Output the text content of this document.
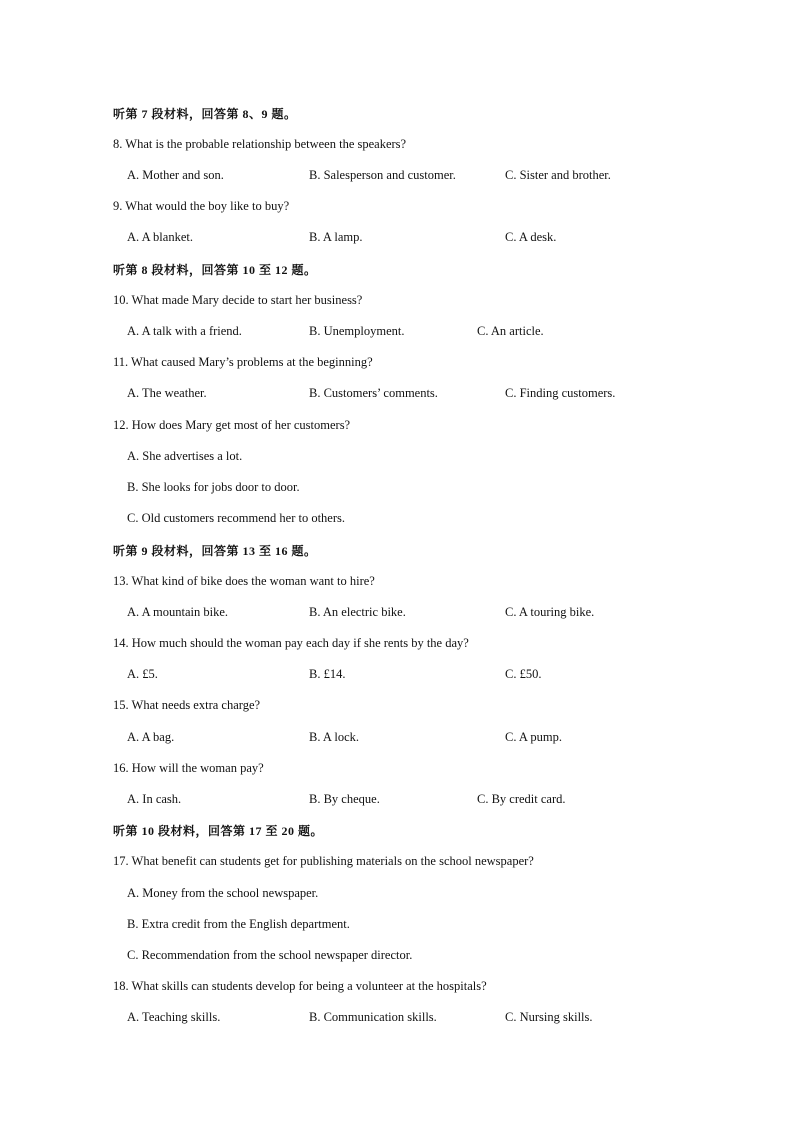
听第 7 段材料，回答第 8、9 题。
8. What is the probable relationship between the speakers?
A. Mother and son.	B. Salesperson and customer.	C. Sister and brother.
9. What would the boy like to buy?
A. A blanket.	B. A lamp.	C. A desk.
听第 8 段材料，回答第 10 至 12 题。
10. What made Mary decide to start her business?
A. A talk with a friend.	B. Unemployment.	C. An article.
11. What caused Mary’s problems at the beginning?
A. The weather.	B. Customers’ comments.	C. Finding customers.
12. How does Mary get most of her customers?
A. She advertises a lot.
B. She looks for jobs door to door.
C. Old customers recommend her to others.
听第 9 段材料，回答第 13 至 16 题。
13. What kind of bike does the woman want to hire?
A. A mountain bike.	B. An electric bike.	C. A touring bike.
14. How much should the woman pay each day if she rents by the day?
A. £5.	B. £14.	C. £50.
15. What needs extra charge?
A. A bag.	B. A lock.	C. A pump.
16. How will the woman pay?
A. In cash.	B. By cheque.	C. By credit card.
听第 10 段材料，回答第 17 至 20 题。
17. What benefit can students get for publishing materials on the school newspaper?
A. Money from the school newspaper.
B. Extra credit from the English department.
C. Recommendation from the school newspaper director.
18. What skills can students develop for being a volunteer at the hospitals?
A. Teaching skills.	B. Communication skills.	C. Nursing skills.
